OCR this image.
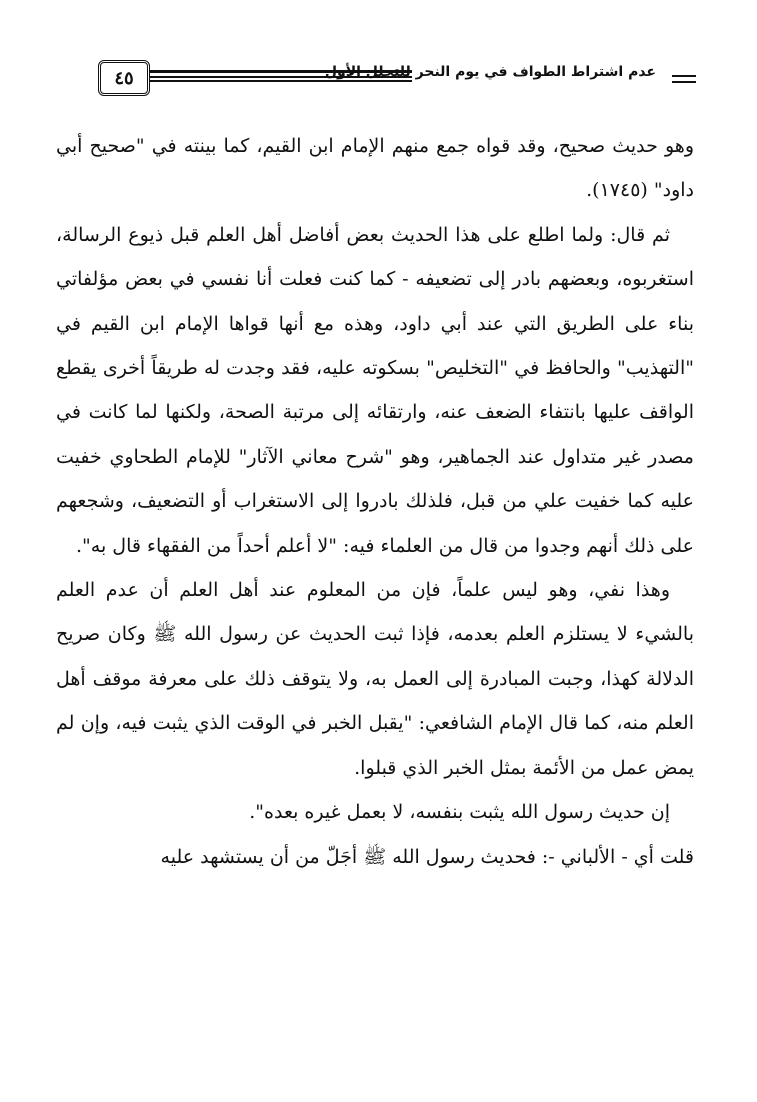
٤٥	عدم اشتراط الطواف في يوم النحر للتحلل الأول

وهو حديث صحيح، وقد قواه جمع منهم الإمام ابن القيم، كما بينته في "صحيح أبي داود" (١٧٤٥).

ثم قال: ولما اطلع على هذا الحديث بعض أفاضل أهل العلم قبل ذيوع الرسالة، استغربوه، وبعضهم بادر إلى تضعيفه - كما كنت فعلت أنا نفسي في بعض مؤلفاتي بناء على الطريق التي عند أبي داود، وهذه مع أنها قواها الإمام ابن القيم في "التهذيب" والحافظ في "التخليص" بسكوته عليه، فقد وجدت له طريقاً أخرى يقطع الواقف عليها بانتفاء الضعف عنه، وارتقائه إلى مرتبة الصحة، ولكنها لما كانت في مصدر غير متداول عند الجماهير، وهو "شرح معاني الآثار" للإمام الطحاوي خفيت عليه كما خفيت علي من قبل، فلذلك بادروا إلى الاستغراب أو التضعيف، وشجعهم على ذلك أنهم وجدوا من قال من العلماء فيه: "لا أعلم أحداً من الفقهاء قال به".

وهذا نفي، وهو ليس علماً، فإن من المعلوم عند أهل العلم أن عدم العلم بالشيء لا يستلزم العلم بعدمه، فإذا ثبت الحديث عن رسول الله ﷺ وكان صريح الدلالة كهذا، وجبت المبادرة إلى العمل به، ولا يتوقف ذلك على معرفة موقف أهل العلم منه، كما قال الإمام الشافعي: "يقبل الخبر في الوقت الذي يثبت فيه، وإن لم يمض عمل من الأئمة بمثل الخبر الذي قبلوا.

إن حديث رسول الله يثبت بنفسه، لا بعمل غيره بعده".

قلت أي - الألباني -: فحديث رسول الله ﷺ أجَلّ من أن يستشهد عليه
